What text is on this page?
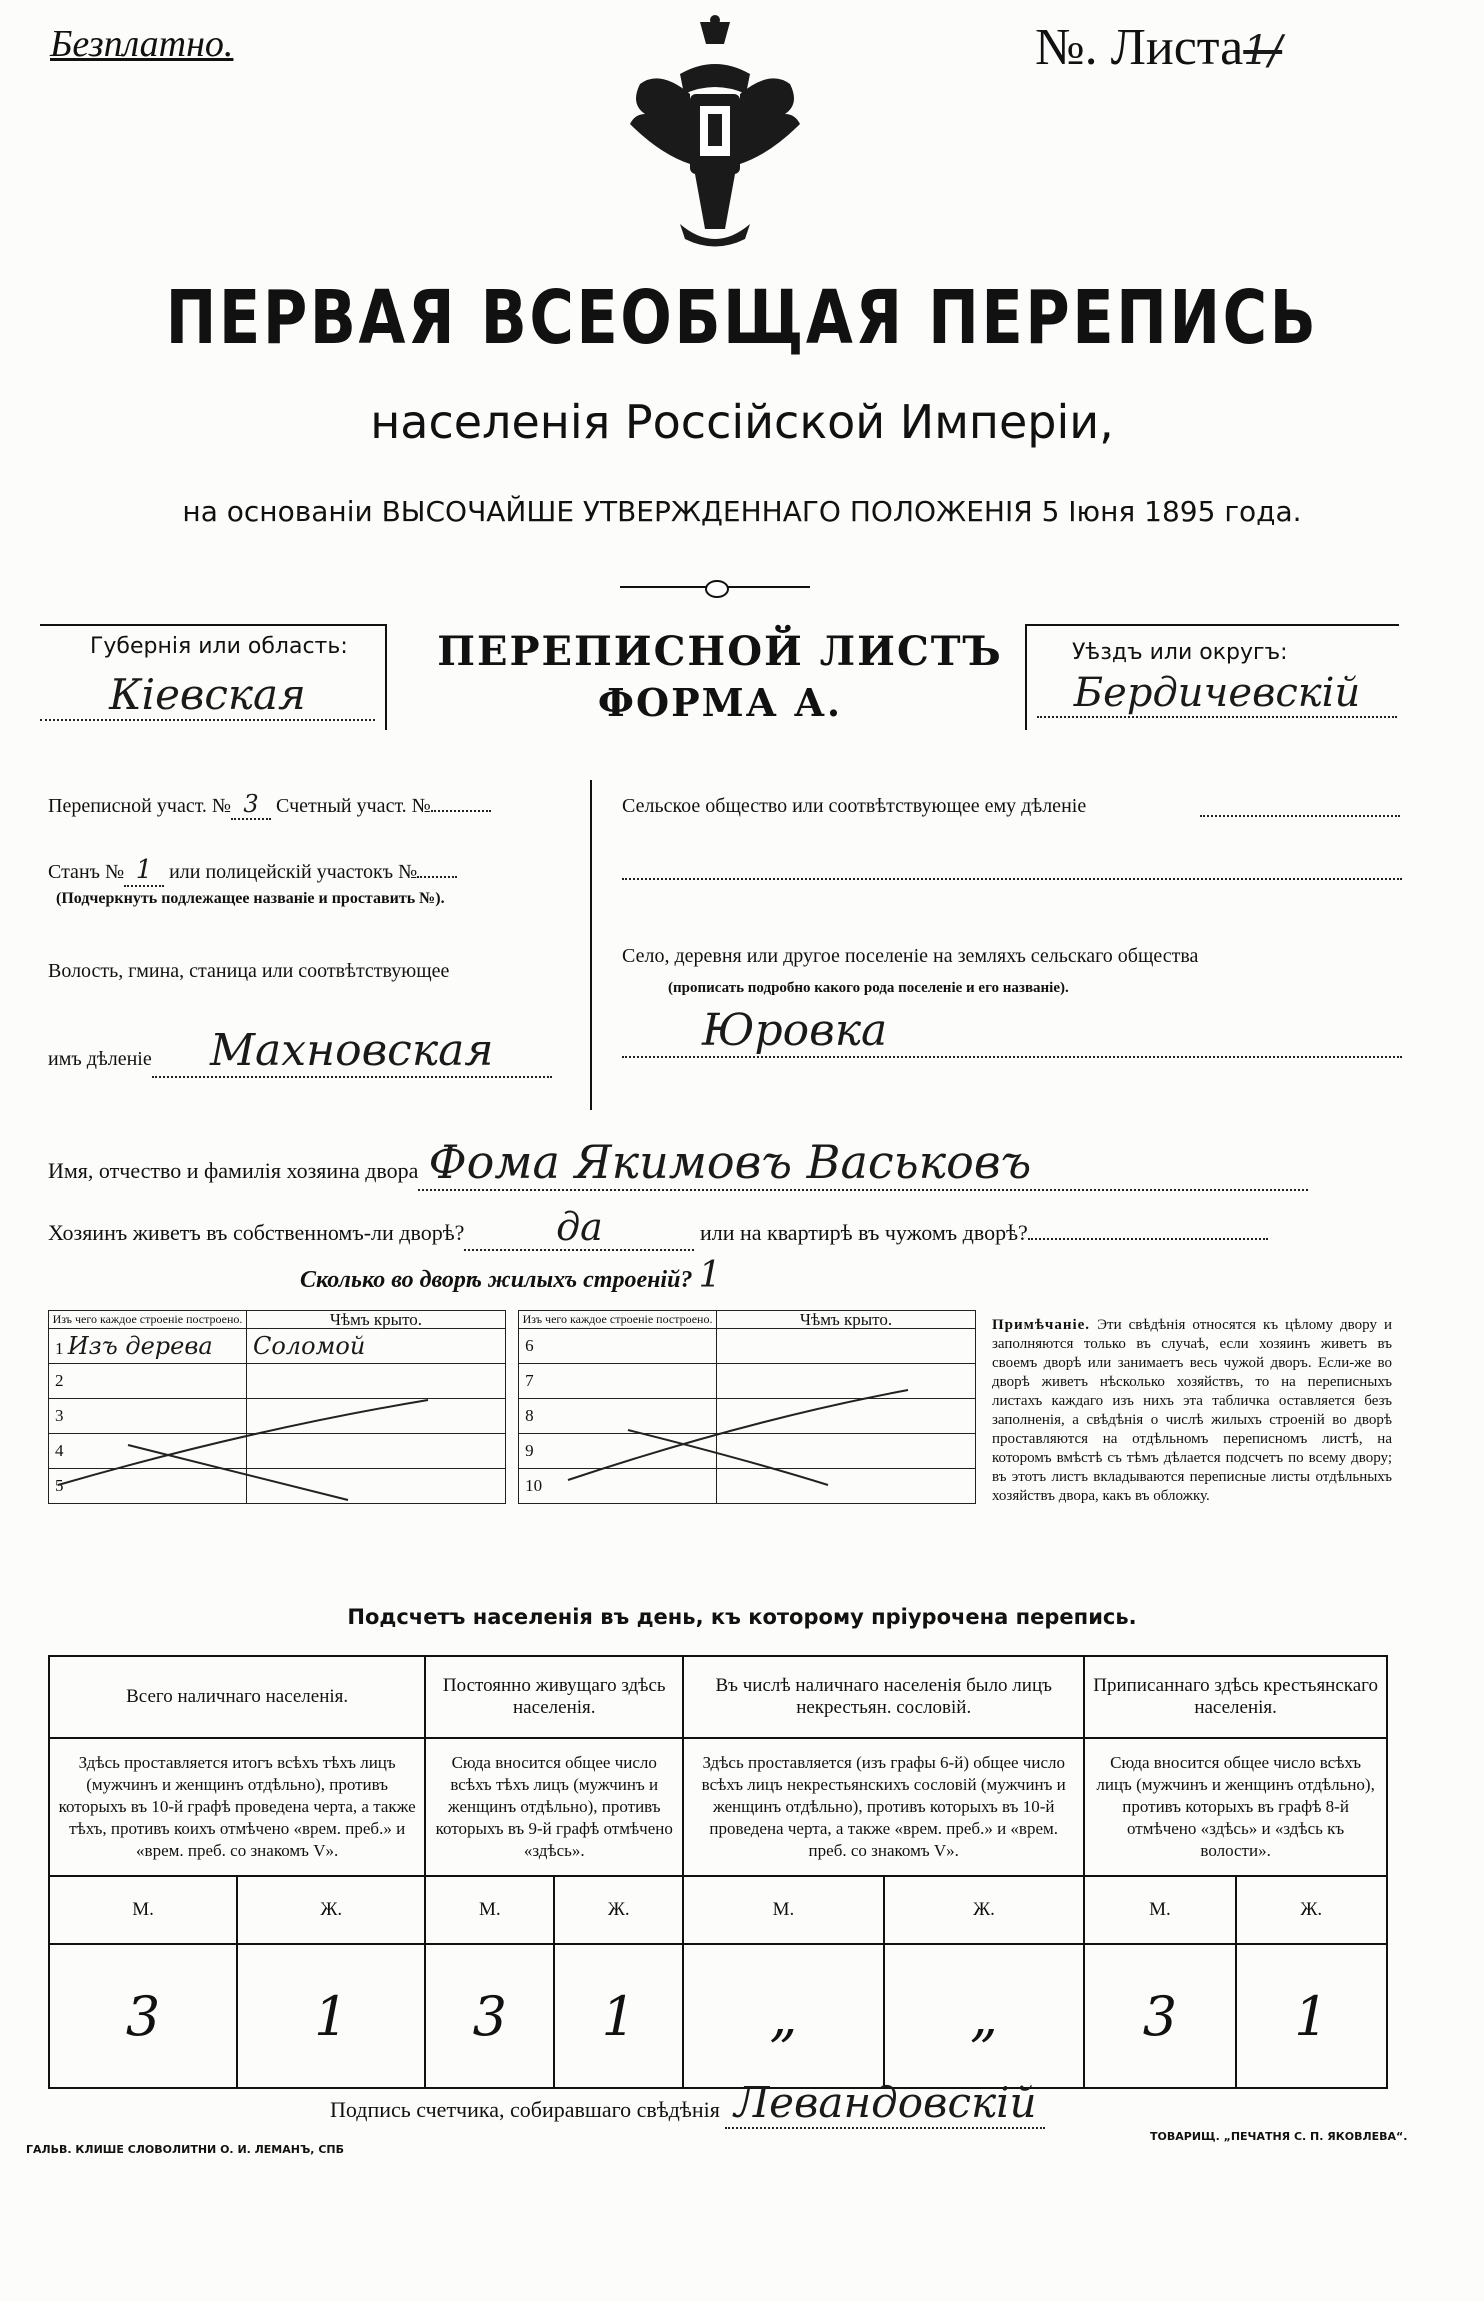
Безплатно.	№. Листа1/
ПЕРВАЯ ВСЕОБЩАЯ ПЕРЕПИСЬ
населенія Россійской Имперіи,
на основаніи ВЫСОЧАЙШЕ УТВЕРЖДЕННАГО ПОЛОЖЕНІЯ 5 Іюня 1895 года.
Губернія или область:
Кіевская
ПЕРЕПИСНОЙ ЛИСТЪ
ФОРМА А.
Уѣздъ или округъ:
Бердичевскій
Переписной участ. № 3 Счетный участ. №
Станъ № 1 или полицейскій участокъ №
(Подчеркнуть подлежащее названіе и проставить №).
Волость, гмина, станица или соотвѣтствующее
имъ дѣленіе Махновская
Сельское общество или соотвѣтствующее ему дѣленіе
Село, деревня или другое поселеніе на земляхъ сельскаго общества
(прописать подробно какого рода поселеніе и его названіе).
Юровка
Имя, отчество и фамилія хозяина двора Фома Якимовъ Васьковъ
Хозяинъ живетъ въ собственномъ-ли дворѣ? да	или на квартирѣ въ чужомъ дворѣ?
Сколько во дворѣ жилыхъ строеній? 1
Изъ чего каждое строеніе построено.	Чѣмъ крыто.		Изъ чего каждое строеніе построено.	Чѣмъ крыто.
1 Изъ дерева	Соломой		6	
2			7	
3			8	
4			9	
5			10	
Примѣчаніе. Эти свѣдѣнія относятся къ цѣлому двору и заполняются только въ случаѣ, если хозяинъ живетъ въ своемъ дворѣ или занимаетъ весь чужой дворъ. Если-же во дворѣ живетъ нѣсколько хозяйствъ, то на переписныхъ листахъ каждаго изъ нихъ эта табличка оставляется безъ заполненія, а свѣдѣнія о числѣ жилыхъ строеній во дворѣ проставляются на отдѣльномъ переписномъ листѣ, на которомъ вмѣстѣ съ тѣмъ дѣлается подсчетъ по всему двору; въ этотъ листъ вкладываются переписные листы отдѣльныхъ хозяйствъ двора, какъ въ обложку.
Подсчетъ населенія въ день, къ которому пріурочена перепись.
Всего наличнаго населенія.		Постоянно живущаго здѣсь населенія.		Въ числѣ наличнаго населенія было лицъ некрестьян. сословій.		Приписаннаго здѣсь крестьянскаго населенія.	
Здѣсь проставляется итогъ всѣхъ тѣхъ лицъ (мужчинъ и женщинъ отдѣльно), противъ которыхъ въ 10-й графѣ проведена черта, а также тѣхъ, противъ коихъ отмѣчено «врем. преб.» и «врем. преб. со знакомъ V».		Сюда вносится общее число всѣхъ тѣхъ лицъ (мужчинъ и женщинъ отдѣльно), противъ которыхъ въ 9-й графѣ отмѣчено «здѣсь».		Здѣсь проставляется (изъ графы 6-й) общее число всѣхъ лицъ некрестьянскихъ сословій (мужчинъ и женщинъ отдѣльно), противъ которыхъ въ 10-й проведена черта, а также «врем. преб.» и «врем. преб. со знакомъ V».		Сюда вносится общее число всѣхъ лицъ (мужчинъ и женщинъ отдѣльно), противъ которыхъ въ графѣ 8-й отмѣчено «здѣсь» и «здѣсь къ волости».	
М.	Ж.	М.	Ж.	М.	Ж.	М.	Ж.
3	1	3	1	„	„	3	1
Подпись счетчика, собиравшаго свѣдѣнія Левандовскій
ГАЛЬВ. КЛИШЕ СЛОВОЛИТНИ О. И. ЛЕМАНЪ, СПБ
ТОВАРИЩ. „ПЕЧАТНЯ С. П. ЯКОВЛЕВА“.
